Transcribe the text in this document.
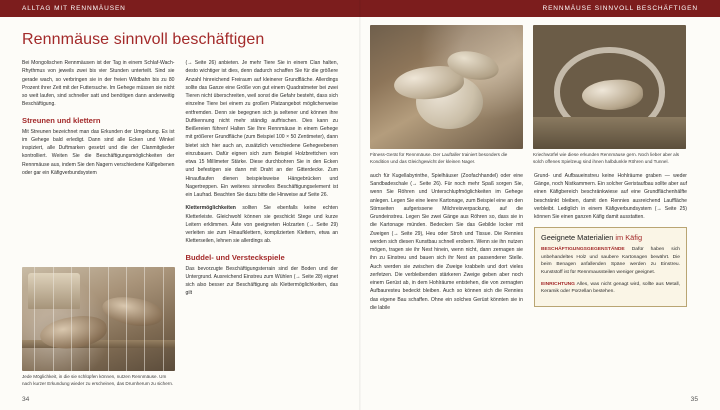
ALLTAG MIT RENNMÄUSEN
Rennmäuse sinnvoll beschäftigen

Bei Mongolischen Rennmäusen ist der Tag in einem Schlaf-Wach-Rhythmus von jeweils zwei bis vier Stunden unterteilt. Sind sie gerade wach, so verbringen sie in der freien Wildbahn bis zu 80 Prozent ihrer Zeit mit der Futtersuche. Im Gehege müssen sie nicht so weit laufen, sind schneller satt und benötigen dann anderweitig Beschäftigung.

Streunen und klettern

Mit Streunen bezeichnet man das Erkunden der Umgebung. Es ist im Gehege bald erledigt. Dann sind alle Ecken und Winkel inspiziert, alle Duftmarken gesetzt und die der Clanmitglieder kontrolliert. Weiten Sie die Beschäftigungsmöglichkeiten der Rennmäuse aus, indem Sie den Nagern verschiedene Käfigebenen oder gar ein Käfigverbundsystem

(→ Seite 26) anbieten. Je mehr Tiere Sie in einem Clan halten, desto wichtiger ist dies, denn dadurch schaffen Sie für die größere Anzahl hinreichend Freiraum auf kleinerer Grundfläche. Allerdings sollte das Ganze eine Größe von gut einem Quadratmeter bei zwei Tieren nicht überschreiten, weil sonst die Gefahr besteht, dass sich einzelne Tiere bei einem zu großen Platzangebot möglicherweise entfremden. Denn sie begegnen sich ja seltener und können ihre Duftkennung nicht mehr ständig auffrischen. Dies kann zu Beißereien führen! Halten Sie Ihre Rennmäuse in einem Gehege mit größerer Grundfläche (zum Beispiel 100 × 50 Zentimeter), dann bietet sich hier auch an, zusätzlich verschiedene Gehegeebenen einzubauen. Dafür eignen sich zum Beispiel Holzbrettchen von etwa 15 Millimeter Stärke. Diese durchbohren Sie in den Ecken und befestigen sie dann mit Draht an der Gitterdecke. Zum Hinauflaufen dienen beispielsweise Hängebrücken und Nagertreppen. Ein weiteres sinnvolles Beschäftigungselement ist ein Laufrad. Beachten Sie dazu bitte die Hinweise auf Seite 26.

Klettermöglichkeiten sollten Sie ebenfalls keine echten Kletterleiste. Gleichwohl können sie geschickt Stege und kurze Leitern erklimmen. Äste von geeigneten Holzarten (→ Seite 29) verleiten sie zum Hinaufklettern, komplizierten Klettern, etwa an Kletterseilen, lehnen sie allerdings ab.

Buddel- und Versteckspiele

Das bevorzugte Beschäftigungsterrain sind der Boden und der Untergrund. Ausreichend Einstreu zum Wühlen (→ Seite 28) eignet sich also besser zur Beschäftigung als Klettermöglichkeiten, das gilt

Jede Möglichkeit, in die sie schlüpfen können, nutzen Rennmäuse. Um nach kurzer Erkundung wieder zu erscheinen, das Drumherum zu sichern.
34
RENNMÄUSE SINNVOLL BESCHÄFTIGEN
Fitness-Gerät für Rennmäuse. Der Lauftaller trainiert besonders die Kondition und das Gleichgewicht der kleinen Nager.
Kriechwürfel wie diese erkunden Rennmäuse gern. Noch lieber aber als solch offenes Spielzeug sind ihnen halbdunkle Röhren und Tunnel.

auch für Kugellabyrinthe, Spielhäuser (Zoofachhandel) oder eine Sandbadeschale (→ Seite 26). Für noch mehr Spaß sorgen Sie, wenn Sie Röhren und Unterschlupfmöglichkeiten im Gehege anlegen. Legen Sie eine leere Kartonage, zum Beispiel eine an den Stirnseiten aufgerissene Milchreisverpackung, auf die Grundeinstreu. Legen Sie zwei Gänge aus Röhren so, dass sie in die Kartonage münden. Bedecken Sie das Gebilde locker mit Zweigen (→ Seite 29), Heu oder Stroh und Tissue. Die Rennies werden sich diesen Kunstbau schnell erobern. Wenn sie ihn nutzen mögen, tragen sie ihr Nest hinein, wenn nicht, dann zernagen sie ihn zu Einstreu und bauen sich ihr Nest an passenderer Stelle. Auch werden sie zwischen die Zweige krabbeln und dort vieles zerfetzen. Die verbleibenden stärkeren Zweige geben aber noch einem Gerüst ab, in dem Hohlräume entstehen, die von zernagten Aufbauresteu bedeckt bleiben. Auch so können sich die Rennies das eigene Bau schaffen. Ohne ein solches Gerüst könnten sie in die labile

Grund- und Aufbaueinstreu keine Hohlräume graben — weder Gänge, noch Nistkammern. Ein solcher Geristaufbau sollte aber auf einen Käfigbereich beschränkwiese auf eine Grundflächenhälfte beschränkt bleiben, damit den Rennies ausreichend Lauffläche verbleibt. Lediglich in einem Käfigverbundsystem (→ Seite 25) können Sie einen ganzen Käfig damit ausstatten.

Geeignete Materialien im Käfig

BESCHÄFTIGUNGSGEGENSTÄNDE Dafür haben sich unbehandeltes Holz und saubere Kartonagen bewährt. Die beim Benagen anfallenden Späne werden zu Einstreu. Kunststoff ist für Rennmaussteilen weniger geeignet.

EINRICHTUNG Alles, was nicht genagt wird, sollte aus Metall, Keramik oder Porzellan bestehen.

35
